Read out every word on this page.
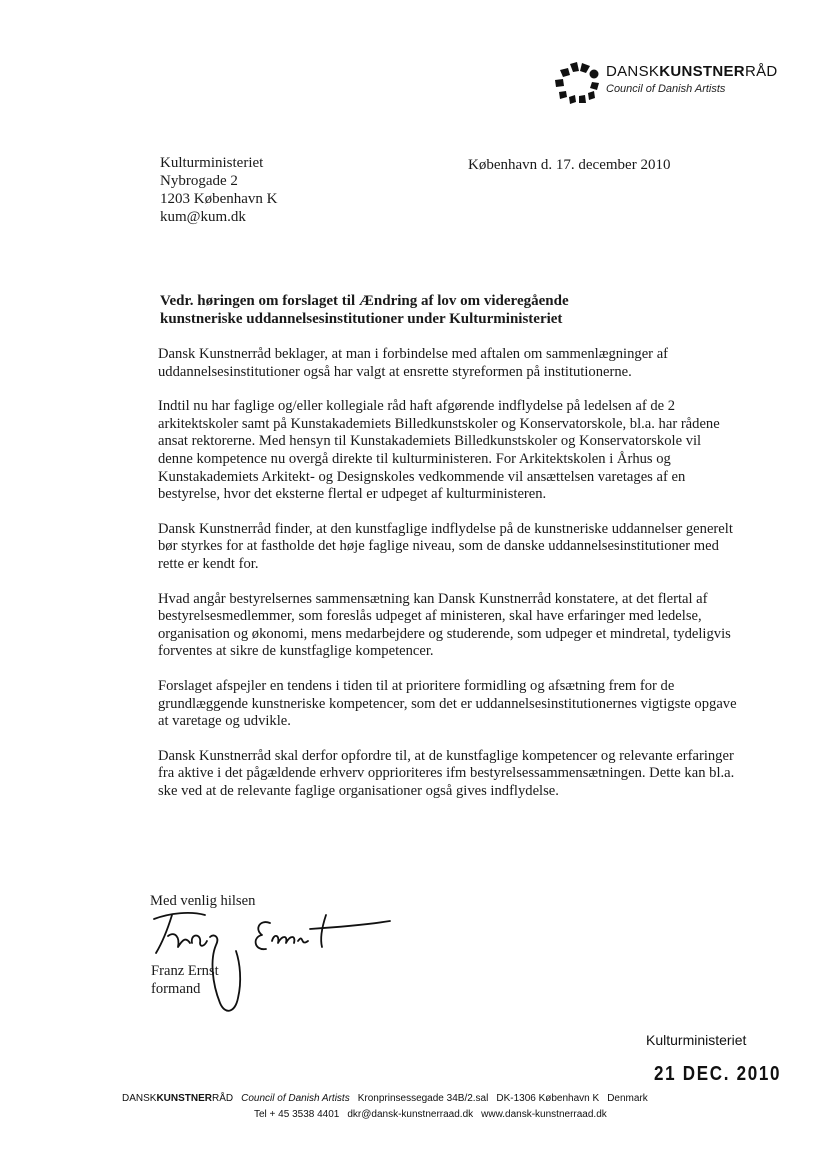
DANSKKUNSTNERRÅD
Council of Danish Artists
Kulturministeriet
Nybrogade 2
1203 København K
kum@kum.dk
København d. 17. december 2010
Vedr. høringen om forslaget til Ændring af lov om videregående
kunstneriske uddannelsesinstitutioner under Kulturministeriet

Dansk Kunstnerråd beklager, at man i forbindelse med aftalen om sammenlægninger af uddannelsesinstitutioner også har valgt at ensrette styreformen på institutionerne.

Indtil nu har faglige og/eller kollegiale råd haft afgørende indflydelse på ledelsen af de 2 arkitektskoler samt på Kunstakademiets Billedkunstskoler og Konservatorskole, bl.a. har rådene ansat rektorerne. Med hensyn til Kunstakademiets Billedkunstskoler og Konservatorskole vil denne kompetence nu overgå direkte til kulturministeren. For Arkitektskolen i Århus og Kunstakademiets Arkitekt- og Designskoles vedkommende vil ansættelsen varetages af en bestyrelse, hvor det eksterne flertal er udpeget af kulturministeren.

Dansk Kunstnerråd finder, at den kunstfaglige indflydelse på de kunstneriske uddannelser generelt bør styrkes for at fastholde det høje faglige niveau, som de danske uddannelsesinstitutioner med rette er kendt for.

Hvad angår bestyrelsernes sammensætning kan Dansk Kunstnerråd konstatere, at det flertal af bestyrelsesmedlemmer, som foreslås udpeget af ministeren, skal have erfaringer med ledelse, organisation og økonomi, mens medarbejdere og studerende, som udpeger et mindretal, tydeligvis forventes at sikre de kunstfaglige kompetencer.

Forslaget afspejler en tendens i tiden til at prioritere formidling og afsætning frem for de grundlæggende kunstneriske kompetencer, som det er uddannelsesinstitutionernes vigtigste opgave at varetage og udvikle.

Dansk Kunstnerråd skal derfor opfordre til, at de kunstfaglige kompetencer og relevante erfaringer fra aktive i det pågældende erhverv opprioriteres ifm bestyrelsessammensætningen. Dette kan bl.a. ske ved at de relevante faglige organisationer også gives indflydelse.

Med venlig hilsen
Franz Ernst
formand
Kulturministeriet
21 DEC. 2010
DANSKKUNSTNERRÅD Council of Danish Artists Kronprinsessegade 34B/2.sal DK-1306 København K Denmark
Tel + 45 3538 4401 dkr@dansk-kunstnerraad.dk www.dansk-kunstnerraad.dk
